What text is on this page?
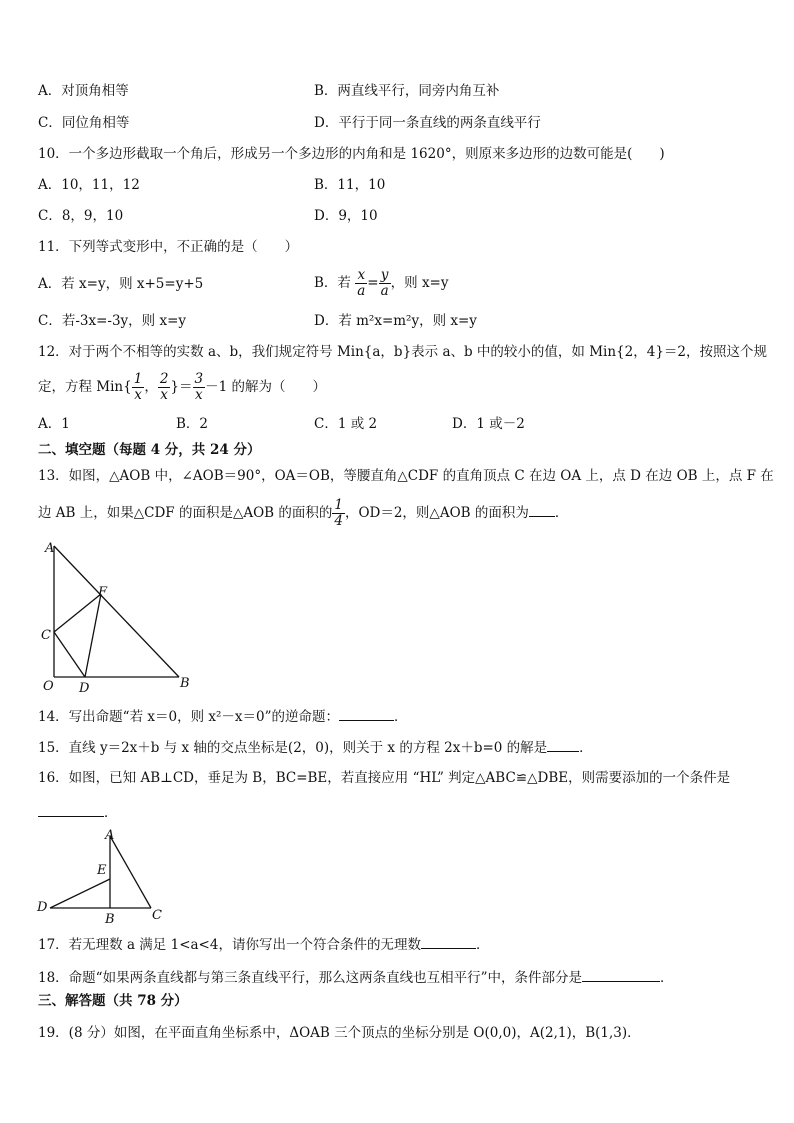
A．对顶角相等	B．两直线平行，同旁内角互补
C．同位角相等	D．平行于同一条直线的两条直线平行
10．一个多边形截取一个角后，形成另一个多边形的内角和是 1620°，则原来多边形的边数可能是(　　)
A．10，11，12	B．11，10
C．8，9，10	D．9，10
11．下列等式变形中，不正确的是（　　）
A．若 x=y，则 x+5=y+5	B．若 $\frac{x}{a} = \frac{y}{a}$ ，则 x=y
C．若-3x=-3y，则 x=y	D．若 m²x=m²y，则 x=y
12．对于两个不相等的实数 a、b，我们规定符号 Min{a，b}表示 a、b 中的较小的值，如 Min{2，4}＝2，按照这个规
定，方程 $Min\{ \frac{1}{x}$ ， $\frac{2}{x}$ }＝ $\frac{3}{x} -1$ 的解为（　　）
A．1	B．2	C．1 或 2	D．1 或－2
二、填空题（每题 4 分，共 24 分）
13．如图，△AOB 中，∠AOB＝90°，OA＝OB，等腰直角△CDF 的直角顶点 C 在边 OA 上，点 D 在边 OB 上，点 F 在
边 AB 上，如果△CDF 的面积是△AOB 的面积的 $\frac{1}{4}$ ，OD＝2，则△AOB 的面积为 ．
A
F
C
O D	B
14．写出命题“若 x＝0，则 x²－x＝0”的逆命题：	．
15．直线 y＝2x＋b 与 x 轴的交点坐标是(2，0)，则关于 x 的方程 2x＋b=0 的解是 ．
16．如图，已知 AB⊥CD，垂足为 B，BC=BE，若直接应用 “HL” 判定△ABC≌△DBE，则需要添加的一个条件是
．
A
E
D
B	C
17．若无理数 a 满足 1<a<4，请你写出一个符合条件的无理数	．
18．命题“如果两条直线都与第三条直线平行，那么这两条直线也互相平行”中，条件部分是	．
三、解答题（共 78 分）
19．(8 分）如图，在平面直角坐标系中，ΔOAB 三个顶点的坐标分别是 O(0,0)，A(2,1)，B(1,3)．
